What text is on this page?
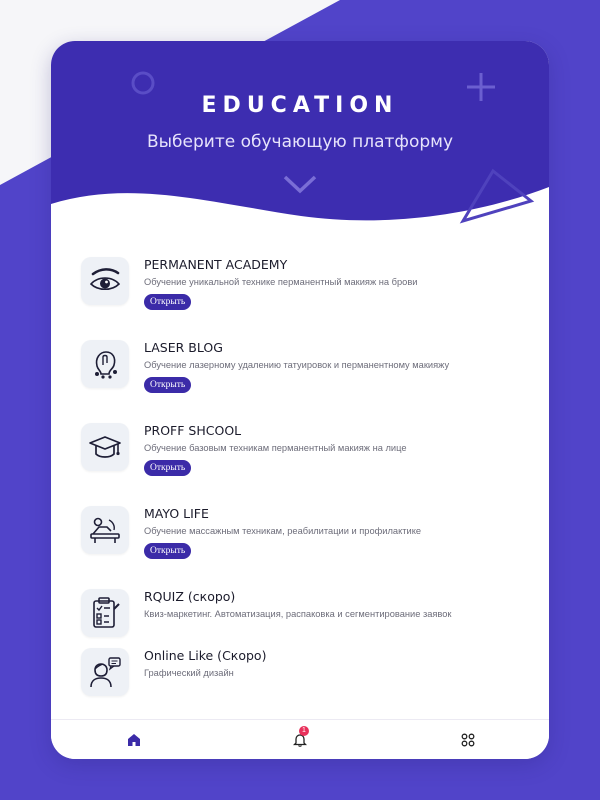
EDUCATION
Выберите обучающую платформу
PERMANENT ACADEMY
Обучение уникальной технике перманентный макияж на брови
Открыть
LASER BLOG
Обучение лазерному удалению татуировок и перманентному макияжу
Открыть
PROFF SHCOOL
Обучение базовым техникам перманентный макияж на лице
Открыть
MAYO LIFE
Обучение массажным техникам, реабилитации и профилактике
Открыть
RQUIZ (скоро)
Квиз-маркетинг. Автоматизация, распаковка и сегментирование заявок
Online Like (Скоро)
Графический дизайн
1
